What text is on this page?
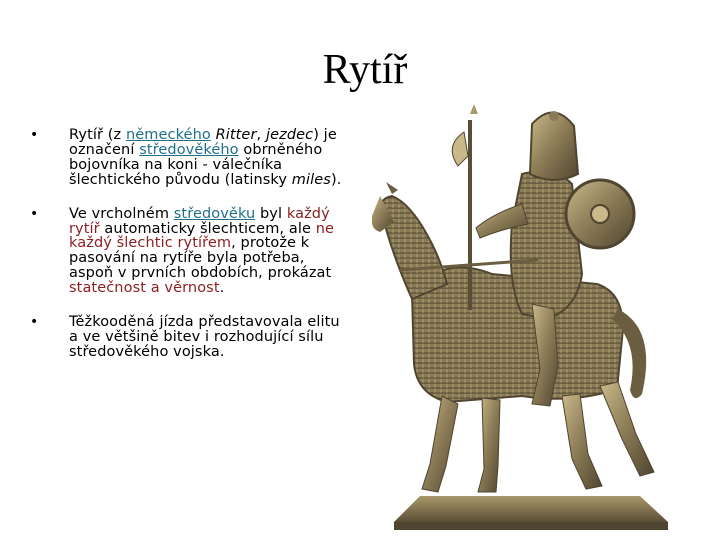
Rytíř
• Rytíř (z německého Ritter, jezdec) je označení středověkého obrněného bojovníka na koni - válečníka šlechtického původu (latinsky miles).
• Ve vrcholném středověku byl každý rytíř automaticky šlechticem, ale ne každý šlechtic rytířem, protože k pasování na rytíře byla potřeba, aspoň v prvních obdobích, prokázat statečnost a věrnost.
• Těžkooděná jízda představovala elitu a ve většině bitev i rozhodující sílu středověkého vojska.
